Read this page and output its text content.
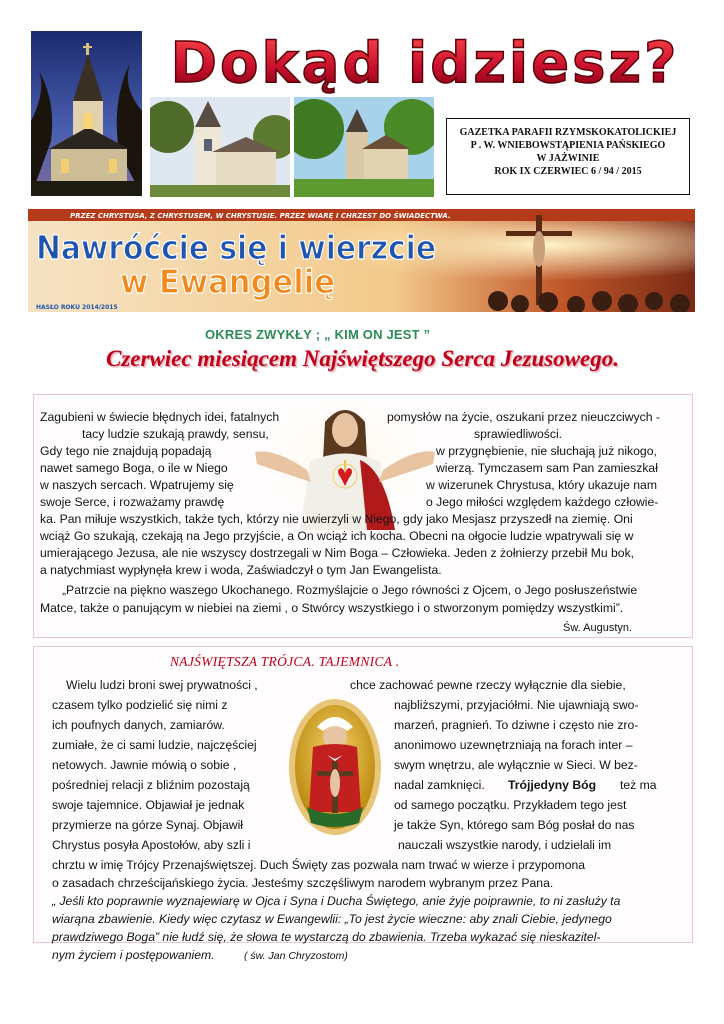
Dokąd idziesz?
GAZETKA PARAFII RZYMSKOKATOLICKIEJ
P . W. WNIEBOWSTĄPIENIA PAŃSKIEGO
W JAŻWINIE
ROK IX CZERWIEC 6 / 94 / 2015
PRZEZ CHRYSTUSA, Z CHRYSTUSEM, W CHRYSTUSIE. PRZEZ WIARĘ I CHRZEST DO ŚWIADECTWA.
Nawróćcie się i wierzcie
w Ewangelię
HASŁO ROKU 2014/2015
OKRES ZWYKŁY ; „ KIM ON JEST ”
Czerwiec miesiącem Najświętszego Serca Jezusowego.
Zagubieni w świecie błędnych idei, fatalnych	pomysłów na życie, oszukani przez nieuczciwych -
tacy ludzie szukają prawdy, sensu,	sprawiedliwości.
Gdy tego nie znajdują popadają	w przygnębienie, nie słuchają już nikogo,
nawet samego Boga, o ile w Niego	wierzą. Tymczasem sam Pan zamieszkał
w naszych sercach. Wpatrujemy się	w wizerunek Chrystusa, który ukazuje nam
swoje Serce, i rozważamy prawdę	o Jego miłości względem każdego człowie-
ka. Pan miłuje wszystkich, także tych, którzy nie uwierzyli w Niego, gdy jako Mesjasz przyszedł na ziemię. Oni
wciąż Go szukają, czekają na Jego przyjście, a On wciąż ich kocha. Obecni na ołgocie ludzie wpatrywali się w
umierającego Jezusa, ale nie wszyscy dostrzegali w Nim Boga – Człowieka. Jeden z żołnierzy przebił Mu bok,
a natychmiast wypłynęła krew i woda, Zaświadczył o tym Jan Ewangelista.
„Patrzcie na piękno waszego Ukochanego. Rozmyślajcie o Jego równości z Ojcem, o Jego posłuszeństwie
Matce, także o panującym w niebiei na ziemi , o Stwórcy wszystkiego i o stworzonym pomiędzy wszystkimi”.
Św. Augustyn.
NAJŚWIĘTSZA TRÓJCA. TAJEMNICA .
Wielu ludzi broni swej prywatności ,	chce zachować pewne rzeczy wyłącznie dla siebie,
czasem tylko podzielić się nimi z	najbliższymi, przyjaciółmi. Nie ujawniają swo-
ich poufnych danych, zamiarów.	marzeń, pragnień. To dziwne i często nie zro-
zumiałe, że ci sami ludzie, najczęściej	anonimowo uzewnętrzniają na forach inter –
netowych. Jawnie mówią o sobie ,	swym wnętrzu, ale wyłącznie w Sieci. W bez-
pośredniej relacji z bliźnim pozostają	nadal zamknięci. Trójjedyny Bóg też ma
swoje tajemnice. Objawiał je jednak	od samego początku. Przykładem tego jest
przymierze na górze Synaj. Objawił	je także Syn, którego sam Bóg posłał do nas
Chrystus posyła Apostołów, aby szli i	nauczali wszystkie narody, i udzielali im
chrztu w imię Trójcy Przenajświętszej. Duch Święty zas pozwala nam trwać w wierze i przypomona
o zasadach chrześcijańskiego życia. Jesteśmy szczęśliwym narodem wybranym przez Pana.
„ Jeśli kto poprawnie wyznajewiarę w Ojca i Syna i Ducha Świętego, anie żyje poiprawnie, to ni zasłuży ta
wiarąna zbawienie. Kiedy więc czytasz w Ewangewlii: „To jest życie wieczne: aby znali Ciebie, jedynego
prawdziwego Boga” nie łudź się, że słowa te wystarczą do zbawienia. Trzeba wykazać się nieskazitel-
nym życiem i postępowaniem.	( św. Jan Chryzostom)
